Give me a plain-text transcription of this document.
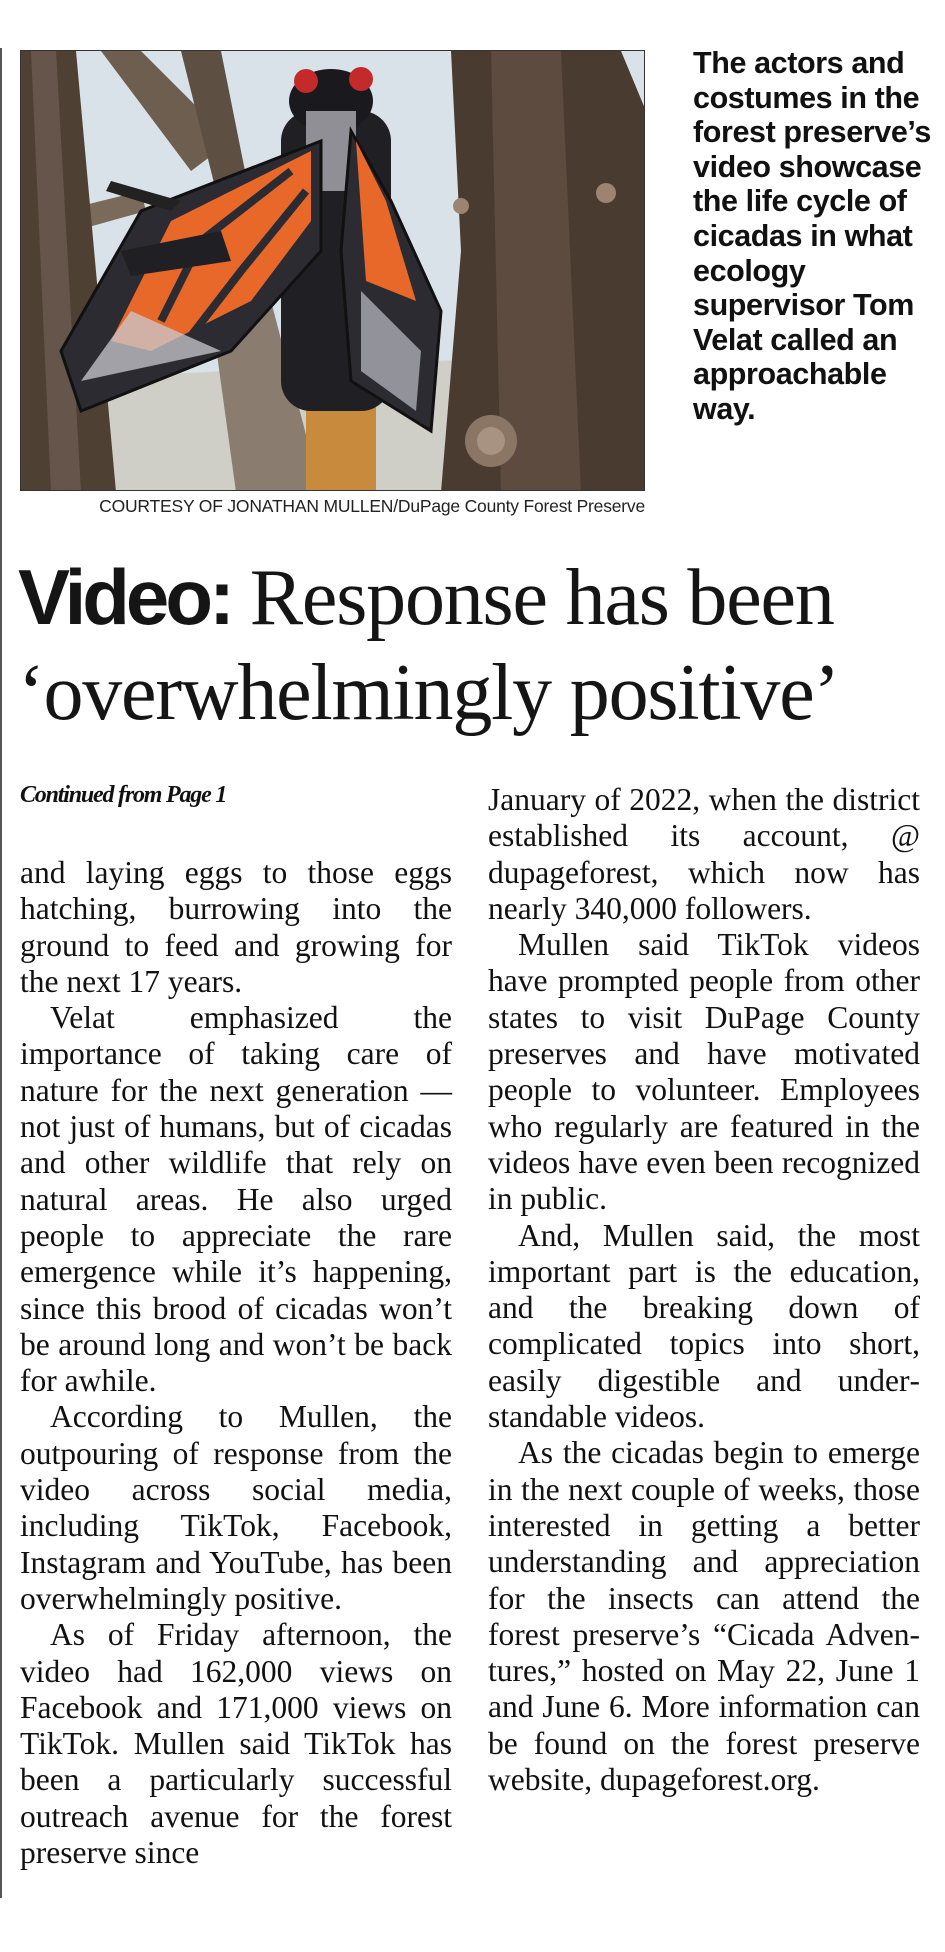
The actors and costumes in the forest preserve’s video showcase the life cycle of cicadas in what ecology supervisor Tom Velat called an approachable way.
COURTESY OF JONATHAN MULLEN/DuPage County Forest Preserve
Video: Response has been
‘overwhelmingly positive’
Continued from Page 1

and laying eggs to those eggs hatching, burrowing into the ground to feed and growing for the next 17 years.

Velat emphasized the importance of taking care of nature for the next generation — not just of humans, but of cicadas and other wildlife that rely on natural areas. He also urged people to appreciate the rare emergence while it’s happening, since this brood of cicadas won’t be around long and won’t be back for awhile.

According to Mullen, the outpouring of response from the video across social media, including TikTok, Facebook, Instagram and YouTube, has been overwhelmingly positive.

As of Friday afternoon, the video had 162,000 views on Facebook and 171,000 views on TikTok. Mullen said TikTok has been a particularly successful outreach avenue for the forest preserve since

January of 2022, when the district established its account, @ dupageforest, which now has nearly 340,000 followers.

Mullen said TikTok videos have prompted people from other states to visit DuPage County preserves and have motivated people to volunteer. Employees who regularly are featured in the videos have even been recognized in public.

And, Mullen said, the most important part is the education, and the breaking down of complicated topics into short, easily digestible and understandable videos.

As the cicadas begin to emerge in the next couple of weeks, those interested in getting a better understanding and appreciation for the insects can attend the forest preserve’s “Cicada Adventures,” hosted on May 22, June 1 and June 6. More information can be found on the forest preserve website, dupageforest.org.
